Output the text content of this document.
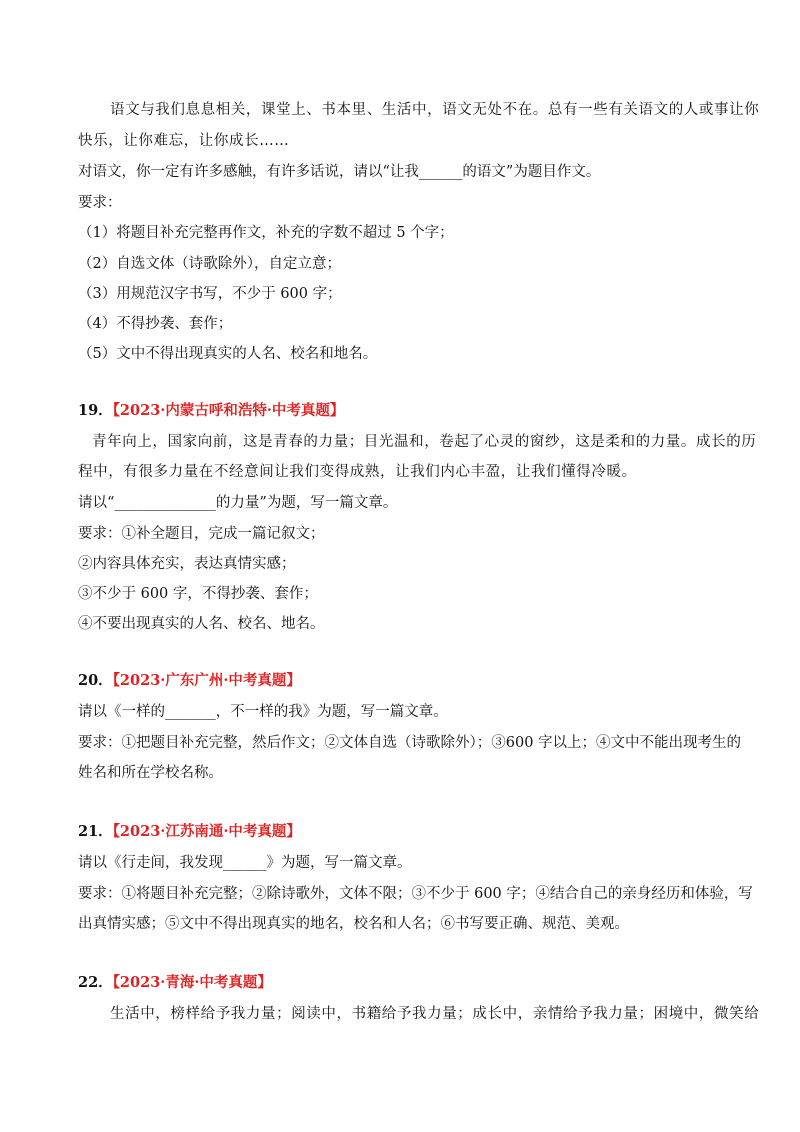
语文与我们息息相关，课堂上、书本里、生活中，语文无处不在。总有一些有关语文的人或事让你
快乐，让你难忘，让你成长……
对语文，你一定有许多感触，有许多话说，请以“让我______的语文”为题目作文。
要求：
（1）将题目补充完整再作文，补充的字数不超过 5 个字；
（2）自选文体（诗歌除外），自定立意；
（3）用规范汉字书写，不少于 600 字；
（4）不得抄袭、套作；
（5）文中不得出现真实的人名、校名和地名。
19．【2023·内蒙古呼和浩特·中考真题】
青年向上，国家向前，这是青春的力量；目光温和，卷起了心灵的窗纱，这是柔和的力量。成长的历
程中，有很多力量在不经意间让我们变得成熟，让我们内心丰盈，让我们懂得冷暖。
请以“______________的力量”为题，写一篇文章。
要求：①补全题目，完成一篇记叙文；
②内容具体充实，表达真情实感；
③不少于 600 字，不得抄袭、套作；
④不要出现真实的人名、校名、地名。
20．【2023·广东广州·中考真题】
请以《一样的_______，不一样的我》为题，写一篇文章。
要求：①把题目补充完整，然后作文；②文体自选（诗歌除外）；③600 字以上；④文中不能出现考生的
姓名和所在学校名称。
21．【2023·江苏南通·中考真题】
请以《行走间，我发现______》为题，写一篇文章。
要求：①将题目补充完整；②除诗歌外，文体不限；③不少于 600 字；④结合自己的亲身经历和体验，写
出真情实感；⑤文中不得出现真实的地名，校名和人名；⑥书写要正确、规范、美观。
22．【2023·青海·中考真题】
生活中，榜样给予我力量；阅读中，书籍给予我力量；成长中，亲情给予我力量；困境中，微笑给
